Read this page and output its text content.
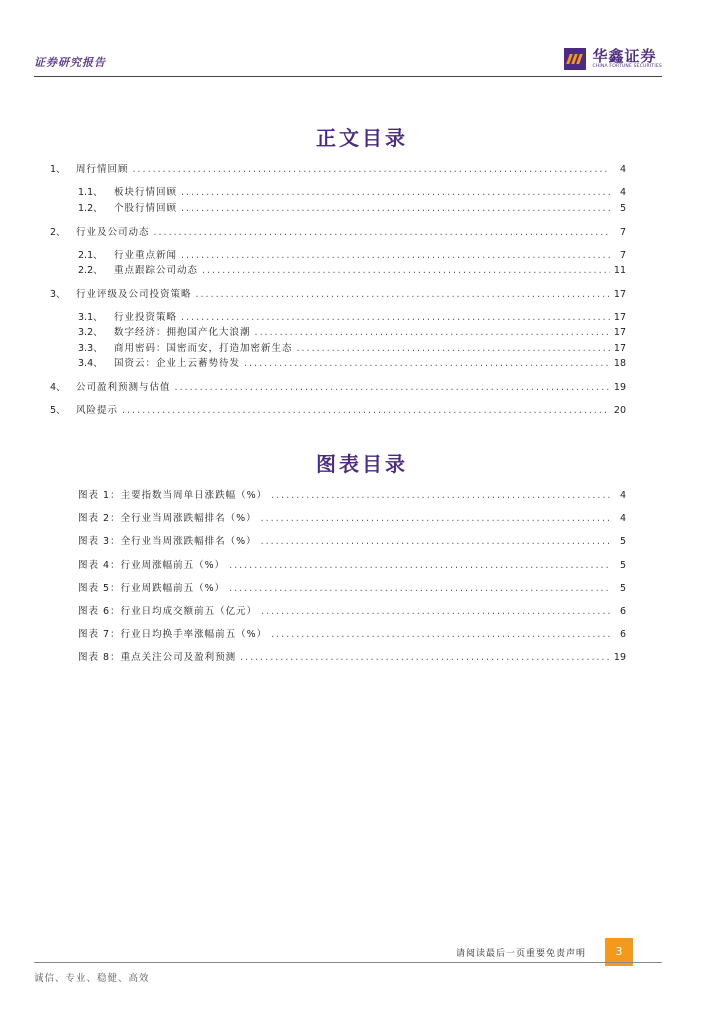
证券研究报告	华鑫证券
CHINA FORTUNE SECURITIES
正文目录
1、	周行情回顾 .....	4
1.1、	板块行情回顾 .....	4
1.2、	个股行情回顾 .....	5
2、	行业及公司动态 .....	7
2.1、	行业重点新闻 .....	7
2.2、	重点跟踪公司动态 .....	11
3、	行业评级及公司投资策略 .....	17
3.1、	行业投资策略 .....	17
3.2、	数字经济：拥抱国产化大浪潮 .....	17
3.3、	商用密码：国密而安，打造加密新生态 .....	17
3.4、	国资云：企业上云蓄势待发 .....	18
4、	公司盈利预测与估值 .....	19
5、	风险提示 .....	20
图表目录
图表 1：主要指数当周单日涨跌幅（%） .....	4
图表 2：全行业当周涨跌幅排名（%） .....	4
图表 3：全行业当周涨跌幅排名（%） .....	5
图表 4：行业周涨幅前五（%） .....	5
图表 5：行业周跌幅前五（%） .....	5
图表 6：行业日均成交额前五（亿元） .....	6
图表 7：行业日均换手率涨幅前五（%） .....	6
图表 8：重点关注公司及盈利预测 .....	19
请阅读最后一页重要免责声明	3
诚信、专业、稳健、高效
